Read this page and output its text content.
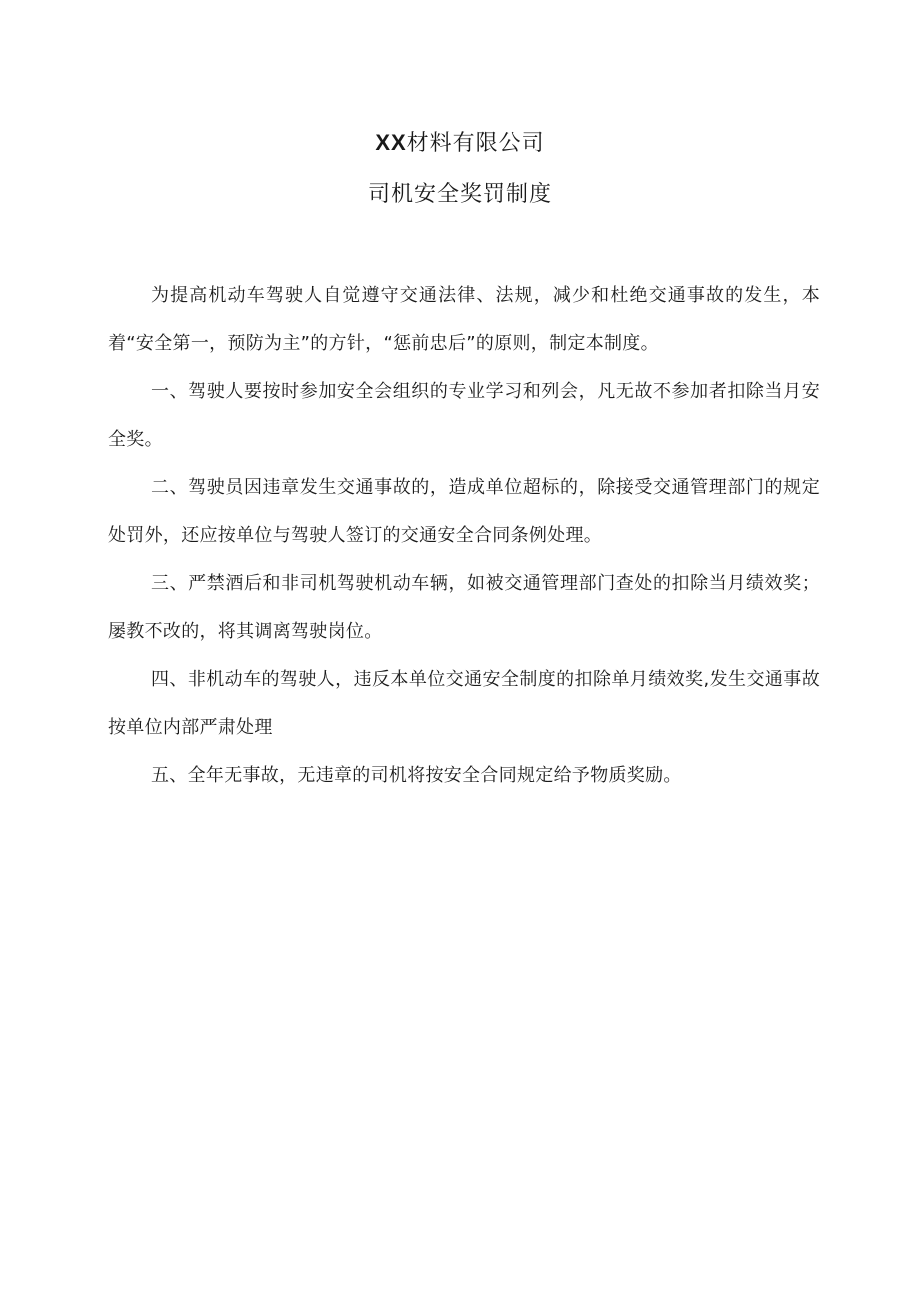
XX材料有限公司
司机安全奖罚制度

为提高机动车驾驶人自觉遵守交通法律、法规，减少和杜绝交通事故的发生，本着“安全第一，预防为主”的方针，“惩前忠后”的原则，制定本制度。

一、驾驶人要按时参加安全会组织的专业学习和列会，凡无故不参加者扣除当月安全奖。

二、驾驶员因违章发生交通事故的，造成单位超标的，除接受交通管理部门的规定处罚外，还应按单位与驾驶人签订的交通安全合同条例处理。

三、严禁酒后和非司机驾驶机动车辆，如被交通管理部门查处的扣除当月绩效奖；屡教不改的，将其调离驾驶岗位。

四、非机动车的驾驶人，违反本单位交通安全制度的扣除单月绩效奖,发生交通事故按单位内部严肃处理

五、全年无事故，无违章的司机将按安全合同规定给予物质奖励。
